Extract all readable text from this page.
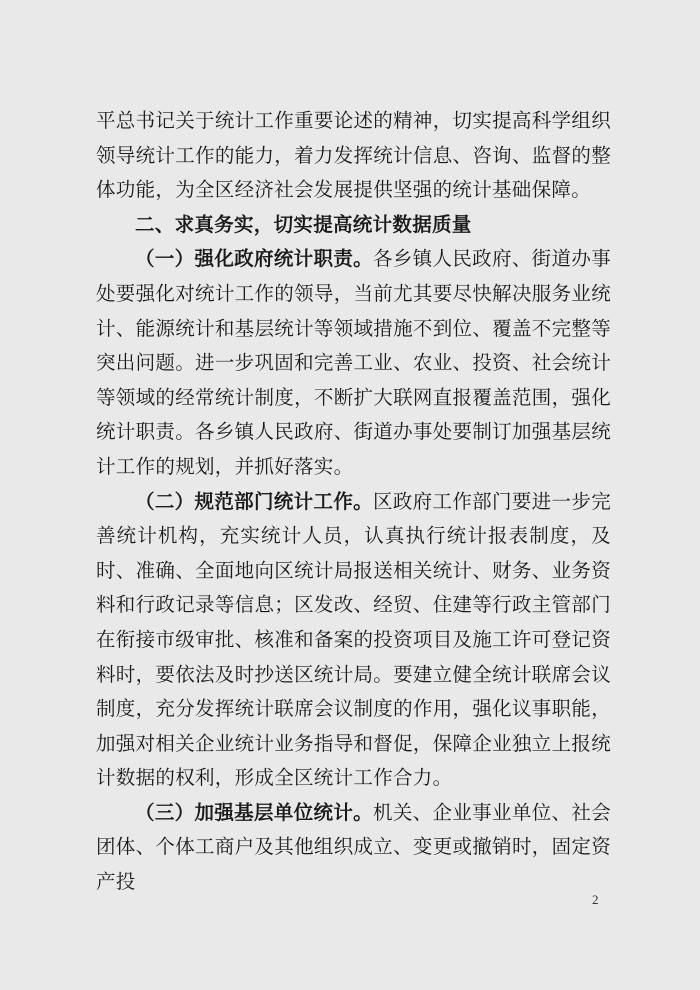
平总书记关于统计工作重要论述的精神，切实提高科学组织领导统计工作的能力，着力发挥统计信息、咨询、监督的整体功能，为全区经济社会发展提供坚强的统计基础保障。

二、求真务实，切实提高统计数据质量

（一）强化政府统计职责。各乡镇人民政府、街道办事处要强化对统计工作的领导，当前尤其要尽快解决服务业统计、能源统计和基层统计等领域措施不到位、覆盖不完整等突出问题。进一步巩固和完善工业、农业、投资、社会统计等领域的经常统计制度，不断扩大联网直报覆盖范围，强化统计职责。各乡镇人民政府、街道办事处要制订加强基层统计工作的规划，并抓好落实。

（二）规范部门统计工作。区政府工作部门要进一步完善统计机构，充实统计人员，认真执行统计报表制度，及时、准确、全面地向区统计局报送相关统计、财务、业务资料和行政记录等信息；区发改、经贸、住建等行政主管部门在衔接市级审批、核准和备案的投资项目及施工许可登记资料时，要依法及时抄送区统计局。要建立健全统计联席会议制度，充分发挥统计联席会议制度的作用，强化议事职能，加强对相关企业统计业务指导和督促，保障企业独立上报统计数据的权利，形成全区统计工作合力。

（三）加强基层单位统计。机关、企业事业单位、社会团体、个体工商户及其他组织成立、变更或撤销时，固定资产投

2
